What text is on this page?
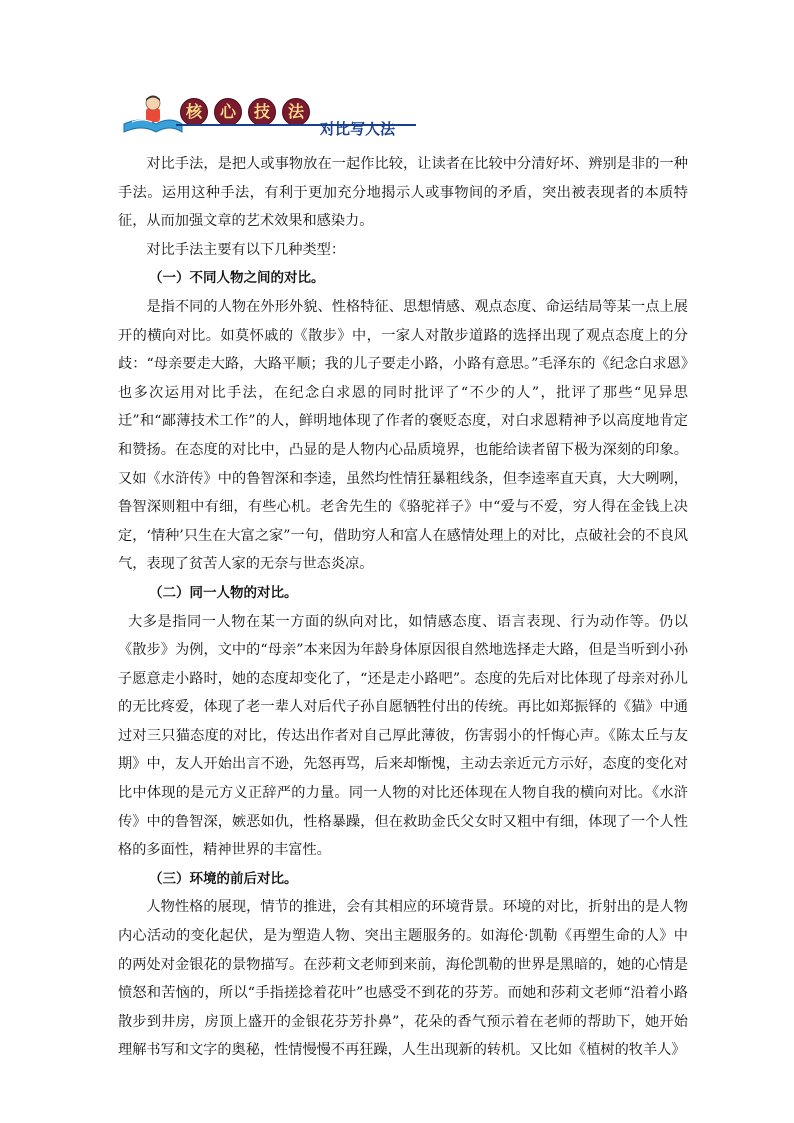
核	心	技	法
对比写人法

对比手法，是把人或事物放在一起作比较，让读者在比较中分清好坏、辨别是非的一种手法。运用这种手法，有利于更加充分地揭示人或事物间的矛盾，突出被表现者的本质特征，从而加强文章的艺术效果和感染力。

对比手法主要有以下几种类型：

（一）不同人物之间的对比。

是指不同的人物在外形外貌、性格特征、思想情感、观点态度、命运结局等某一点上展开的横向对比。如莫怀戚的《散步》中，一家人对散步道路的选择出现了观点态度上的分歧：“母亲要走大路，大路平顺；我的儿子要走小路，小路有意思。”毛泽东的《纪念白求恩》也多次运用对比手法，在纪念白求恩的同时批评了“不少的人”，批评了那些“见异思迁”和“鄙薄技术工作”的人，鲜明地体现了作者的褒贬态度，对白求恩精神予以高度地肯定和赞扬。在态度的对比中，凸显的是人物内心品质境界，也能给读者留下极为深刻的印象。又如《水浒传》中的鲁智深和李逵，虽然均性情狂暴粗线条，但李逵率直天真，大大咧咧，鲁智深则粗中有细，有些心机。老舍先生的《骆驼祥子》中“爱与不爱，穷人得在金钱上决定，‘情种’只生在大富之家”一句，借助穷人和富人在感情处理上的对比，点破社会的不良风气，表现了贫苦人家的无奈与世态炎凉。

（二）同一人物的对比。

大多是指同一人物在某一方面的纵向对比，如情感态度、语言表现、行为动作等。仍以《散步》为例，文中的“母亲”本来因为年龄身体原因很自然地选择走大路，但是当听到小孙子愿意走小路时，她的态度却变化了，“还是走小路吧”。态度的先后对比体现了母亲对孙儿的无比疼爱，体现了老一辈人对后代子孙自愿牺牲付出的传统。再比如郑振铎的《猫》中通过对三只猫态度的对比，传达出作者对自己厚此薄彼，伤害弱小的忏悔心声。《陈太丘与友期》中，友人开始出言不逊，先怒再骂，后来却惭愧，主动去亲近元方示好，态度的变化对比中体现的是元方义正辞严的力量。同一人物的对比还体现在人物自我的横向对比。《水浒传》中的鲁智深，嫉恶如仇，性格暴躁，但在救助金氏父女时又粗中有细，体现了一个人性格的多面性，精神世界的丰富性。

（三）环境的前后对比。

人物性格的展现，情节的推进，会有其相应的环境背景。环境的对比，折射出的是人物内心活动的变化起伏，是为塑造人物、突出主题服务的。如海伦·凯勒《再塑生命的人》中的两处对金银花的景物描写。在莎莉文老师到来前，海伦凯勒的世界是黑暗的，她的心情是愤怒和苦恼的，所以“手指搓捻着花叶”也感受不到花的芬芳。而她和莎莉文老师“沿着小路散步到井房，房顶上盛开的金银花芬芳扑鼻”，花朵的香气预示着在老师的帮助下，她开始理解书写和文字的奥秘，性情慢慢不再狂躁，人生出现新的转机。又比如《植树的牧羊人》
